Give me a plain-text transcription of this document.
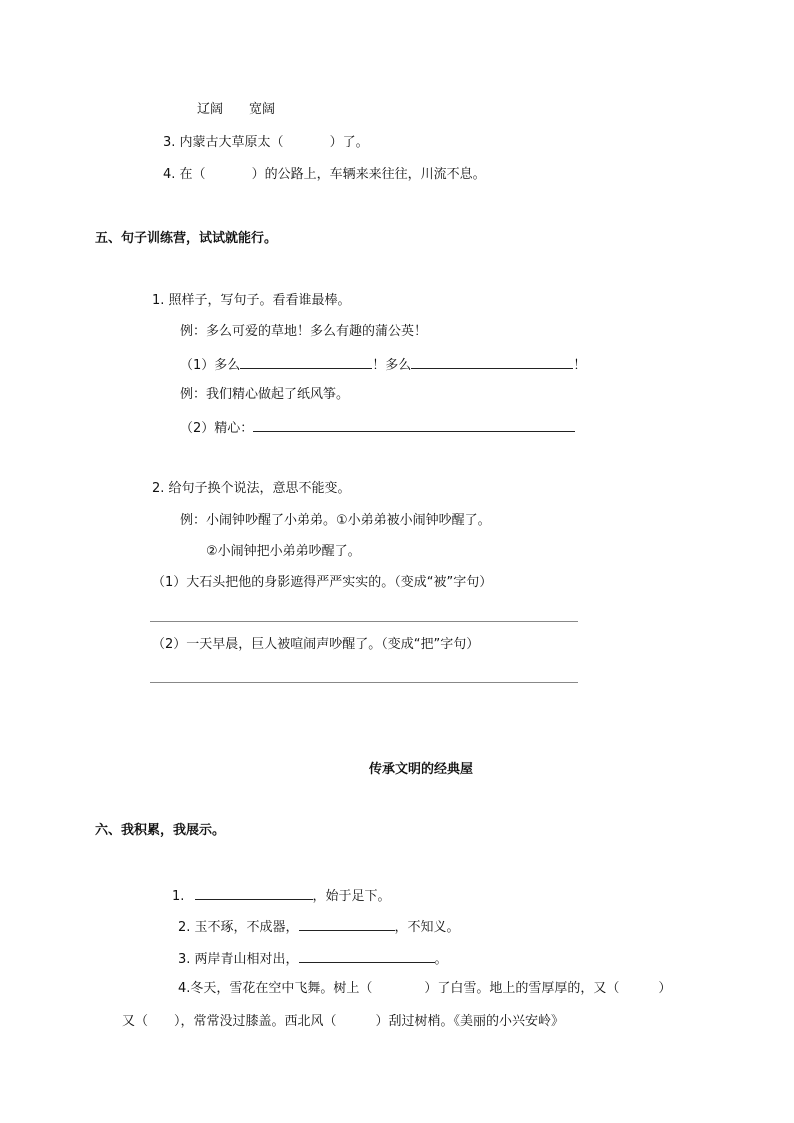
辽阔　　宽阔
3. 内蒙古大草原太（	）了。
4. 在（	）的公路上，车辆来来往往，川流不息。
五、句子训练营，试试就能行。
1. 照样子，写句子。看看谁最棒。
例：多么可爱的草地！多么有趣的蒲公英！
（1）多么	！多么	！
例：我们精心做起了纸风筝。
（2）精心：
2. 给句子换个说法，意思不能变。
例：小闹钟吵醒了小弟弟。①小弟弟被小闹钟吵醒了。
②小闹钟把小弟弟吵醒了。
（1）大石头把他的身影遮得严严实实的。（变成“被”字句）
（2）一天早晨，巨人被喧闹声吵醒了。（变成“把”字句）
传承文明的经典屋
六、我积累，我展示。
1.	，始于足下。
2. 玉不琢，不成器，	，不知义。
3. 两岸青山相对出，	。
4.冬天，雪花在空中飞舞。树上（　　　　）了白雪。地上的雪厚厚的，又（　　　）
又（　　），常常没过膝盖。西北风（　　　）刮过树梢。《美丽的小兴安岭》
